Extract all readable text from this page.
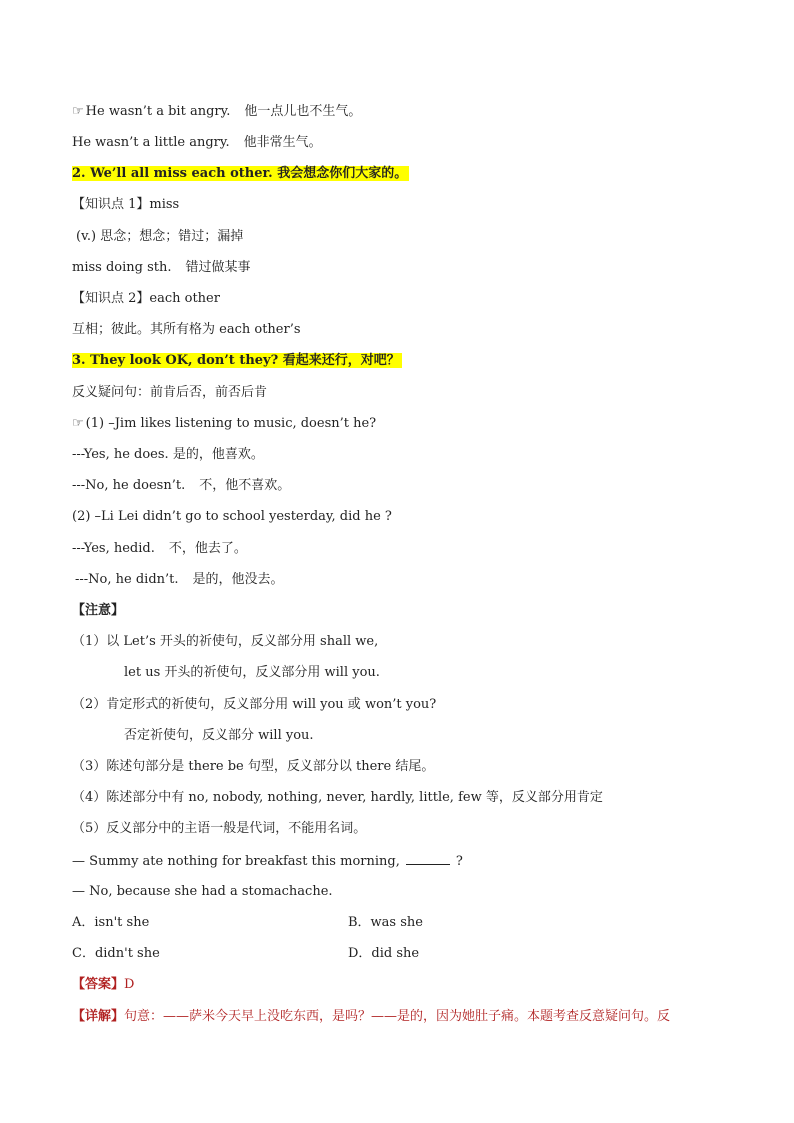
☞ He wasn’t a bit angry. 他一点儿也不生气。
He wasn’t a little angry. 他非常生气。
2. We’ll all miss each other. 我会想念你们大家的。
【知识点 1】miss
(v.) 思念；想念；错过；漏掉
miss doing sth. 错过做某事
【知识点 2】each other
互相；彼此。其所有格为 each other’s
3. They look OK, don’t they? 看起来还行，对吧？
反义疑问句：前肯后否，前否后肯
☞ (1) –Jim likes listening to music, doesn’t he?
---Yes, he does. 是的，他喜欢。
---No, he doesn’t. 不，他不喜欢。
(2) –Li Lei didn’t go to school yesterday, did he ?
---Yes, hedid. 不，他去了。
---No, he didn’t. 是的，他没去。
【注意】
（1）以 Let’s 开头的祈使句，反义部分用 shall we,
let us 开头的祈使句，反义部分用 will you.
（2）肯定形式的祈使句，反义部分用 will you 或 won’t you?
否定祈使句，反义部分 will you.
（3）陈述句部分是 there be 句型，反义部分以 there 结尾。
（4）陈述部分中有 no, nobody, nothing, never, hardly, little, few 等，反义部分用肯定
（5）反义部分中的主语一般是代词，不能用名词。
— Summy ate nothing for breakfast this morning,	?
— No, because she had a stomachache.
A．isn't she	B．was she
C．didn't she	D．did she
【答案】D
【详解】句意：——萨米今天早上没吃东西，是吗？——是的，因为她肚子痛。本题考查反意疑问句。反
